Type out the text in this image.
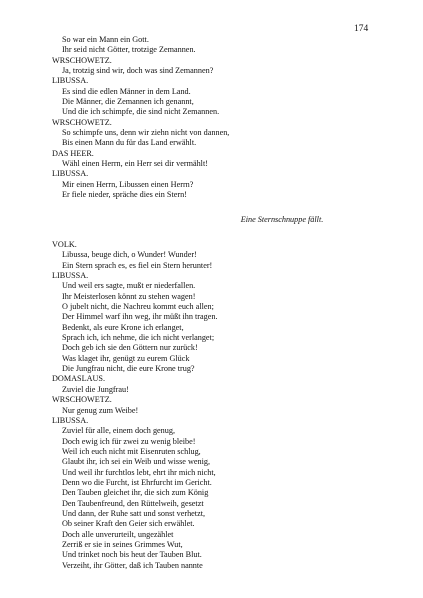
174
So war ein Mann ein Gott.
Ihr seid nicht Götter, trotzige Zemannen.
WRSCHOWETZ.
Ja, trotzig sind wir, doch was sind Zemannen?
LIBUSSA.
Es sind die edlen Männer in dem Land.
Die Männer, die Zemannen ich genannt,
Und die ich schimpfe, die sind nicht Zemannen.
WRSCHOWETZ.
So schimpfe uns, denn wir ziehn nicht von dannen,
Bis einen Mann du für das Land erwählt.
DAS HEER.
Wähl einen Herrn, ein Herr sei dir vermählt!
LIBUSSA.
Mir einen Herrn, Libussen einen Herrn?
Er fiele nieder, spräche dies ein Stern!
Eine Sternschnuppe fällt.
VOLK.
Libussa, beuge dich, o Wunder! Wunder!
Ein Stern sprach es, es fiel ein Stern herunter!
LIBUSSA.
Und weil ers sagte, mußt er niederfallen.
Ihr Meisterlosen könnt zu stehen wagen!
O jubelt nicht, die Nachreu kommt euch allen;
Der Himmel warf ihn weg, ihr müßt ihn tragen.
Bedenkt, als eure Krone ich erlanget,
Sprach ich, ich nehme, die ich nicht verlanget;
Doch geb ich sie den Göttern nur zurück!
Was klaget ihr, genügt zu eurem Glück
Die Jungfrau nicht, die eure Krone trug?
DOMASLAUS.
Zuviel die Jungfrau!
WRSCHOWETZ.
Nur genug zum Weibe!
LIBUSSA.
Zuviel für alle, einem doch genug,
Doch ewig ich für zwei zu wenig bleibe!
Weil ich euch nicht mit Eisenruten schlug,
Glaubt ihr, ich sei ein Weib und wisse wenig,
Und weil ihr furchtlos lebt, ehrt ihr mich nicht,
Denn wo die Furcht, ist Ehrfurcht im Gericht.
Den Tauben gleichet ihr, die sich zum König
Den Taubenfreund, den Rüttelweih, gesetzt
Und dann, der Ruhe satt und sonst verhetzt,
Ob seiner Kraft den Geier sich erwählet.
Doch alle unverurteilt, ungezählet
Zerriß er sie in seines Grimmes Wut,
Und trinket noch bis heut der Tauben Blut.
Verzeiht, ihr Götter, daß ich Tauben nannte
